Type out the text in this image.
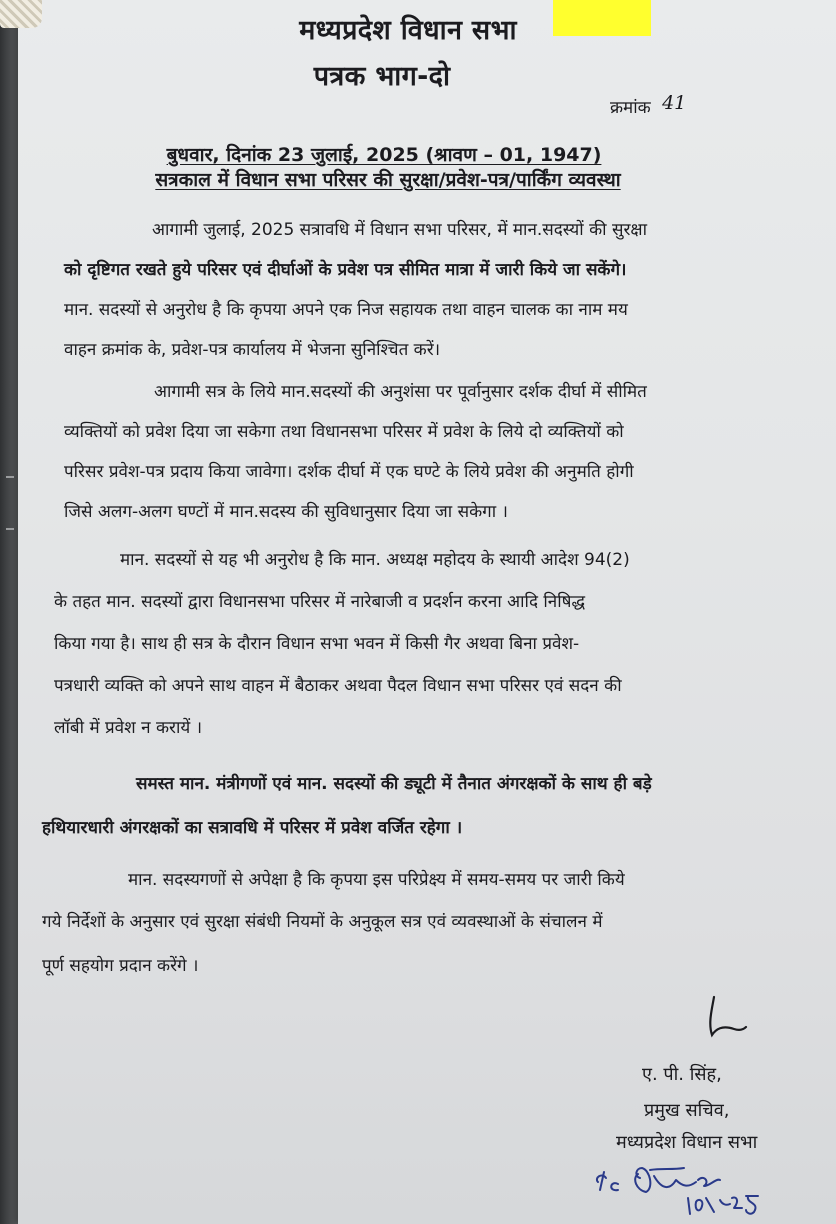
मध्यप्रदेश विधान सभा
पत्रक भाग-दो
क्रमांक 41
बुधवार, दिनांक 23 जुलाई, 2025 (श्रावण – 01, 1947)
सत्रकाल में विधान सभा परिसर की सुरक्षा/प्रवेश-पत्र/पार्किंग व्यवस्था
आगामी जुलाई, 2025 सत्रावधि में विधान सभा परिसर, में मान.सदस्यों की सुरक्षा
को दृष्टिगत रखते हुये परिसर एवं दीर्घाओं के प्रवेश पत्र सीमित मात्रा में जारी किये जा सकेंगे।
मान. सदस्यों से अनुरोध है कि कृपया अपने एक निज सहायक तथा वाहन चालक का नाम मय
वाहन क्रमांक के, प्रवेश-पत्र कार्यालय में भेजना सुनिश्चित करें।
आगामी सत्र के लिये मान.सदस्यों की अनुशंसा पर पूर्वानुसार दर्शक दीर्घा में सीमित
व्यक्तियों को प्रवेश दिया जा सकेगा तथा विधानसभा परिसर में प्रवेश के लिये दो व्यक्तियों को
परिसर प्रवेश-पत्र प्रदाय किया जावेगा। दर्शक दीर्घा में एक घण्टे के लिये प्रवेश की अनुमति होगी
जिसे अलग-अलग घण्टों में मान.सदस्य की सुविधानुसार दिया जा सकेगा ।
मान. सदस्यों से यह भी अनुरोध है कि मान. अध्यक्ष महोदय के स्थायी आदेश 94(2)
के तहत मान. सदस्यों द्वारा विधानसभा परिसर में नारेबाजी व प्रदर्शन करना आदि निषिद्ध
किया गया है। साथ ही सत्र के दौरान विधान सभा भवन में किसी गैर अथवा बिना प्रवेश-
पत्रधारी व्यक्ति को अपने साथ वाहन में बैठाकर अथवा पैदल विधान सभा परिसर एवं सदन की
लॉबी में प्रवेश न करायें ।
समस्त मान. मंत्रीगणों एवं मान. सदस्यों की ड्यूटी में तैनात अंगरक्षकों के साथ ही बड़े
हथियारधारी अंगरक्षकों का सत्रावधि में परिसर में प्रवेश वर्जित रहेगा ।
मान. सदस्यगणों से अपेक्षा है कि कृपया इस परिप्रेक्ष्य में समय-समय पर जारी किये
गये निर्देशों के अनुसार एवं सुरक्षा संबंधी नियमों के अनुकूल सत्र एवं व्यवस्थाओं के संचालन में
पूर्ण सहयोग प्रदान करेंगे ।
ए. पी. सिंह,
प्रमुख सचिव,
मध्यप्रदेश विधान सभा
